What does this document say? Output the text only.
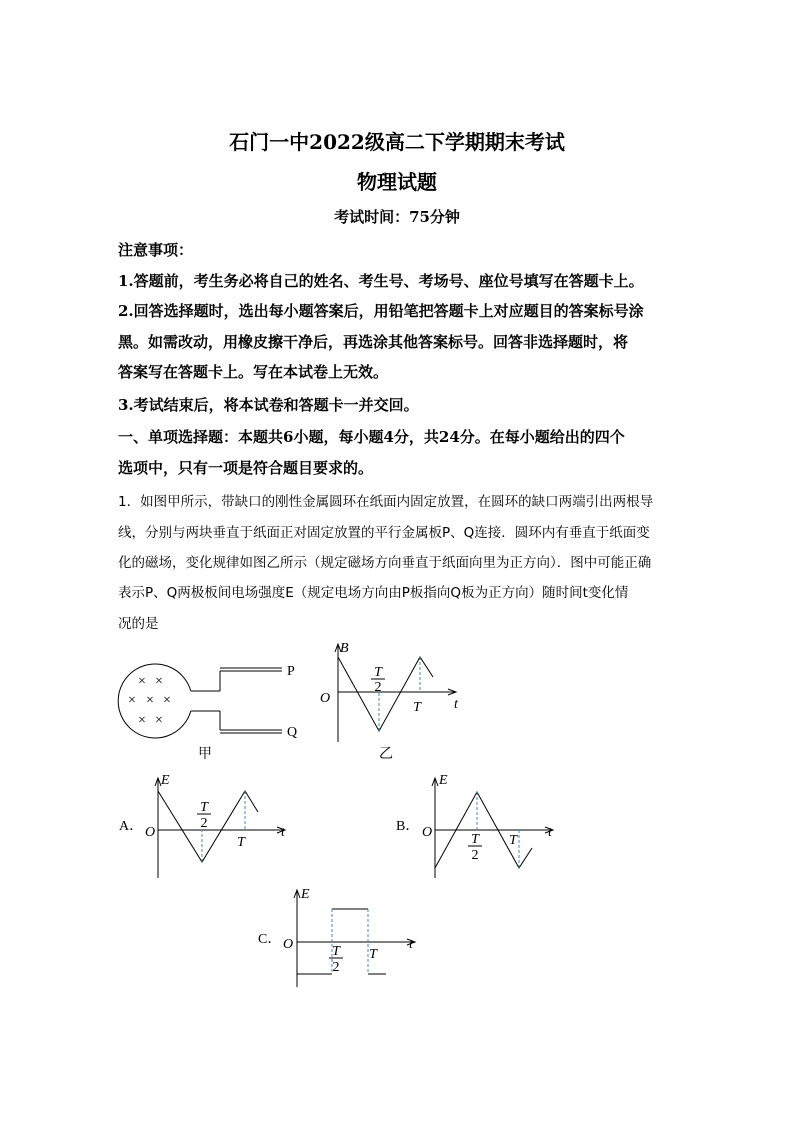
石门一中2022级高二下学期期末考试
物理试题
考试时间：75分钟
注意事项：
1.答题前，考生务必将自己的姓名、考生号、考场号、座位号填写在答题卡上。
2.回答选择题时，选出每小题答案后，用铅笔把答题卡上对应题目的答案标号涂
黑。如需改动，用橡皮擦干净后，再选涂其他答案标号。回答非选择题时，将
答案写在答题卡上。写在本试卷上无效。
3.考试结束后，将本试卷和答题卡一并交回。
一、单项选择题：本题共6小题，每小题4分，共24分。在每小题给出的四个
选项中，只有一项是符合题目要求的。
1．如图甲所示，带缺口的刚性金属圆环在纸面内固定放置，在圆环的缺口两端引出两根导
线，分别与两块垂直于纸面正对固定放置的平行金属板P、Q连接．圆环内有垂直于纸面变
化的磁场，变化规律如图乙所示（规定磁场方向垂直于纸面向里为正方向）．图中可能正确
表示P、Q两极板间电场强度E（规定电场方向由P板指向Q板为正方向）随时间t变化情
况的是
× ×
× × ×
× ×
P
Q
甲
B
O	t
T
2
T
乙
A．
E
O	t
T
2
T
B．
E
O	t
T
2
T
C．
E
O	t
T
2
T
